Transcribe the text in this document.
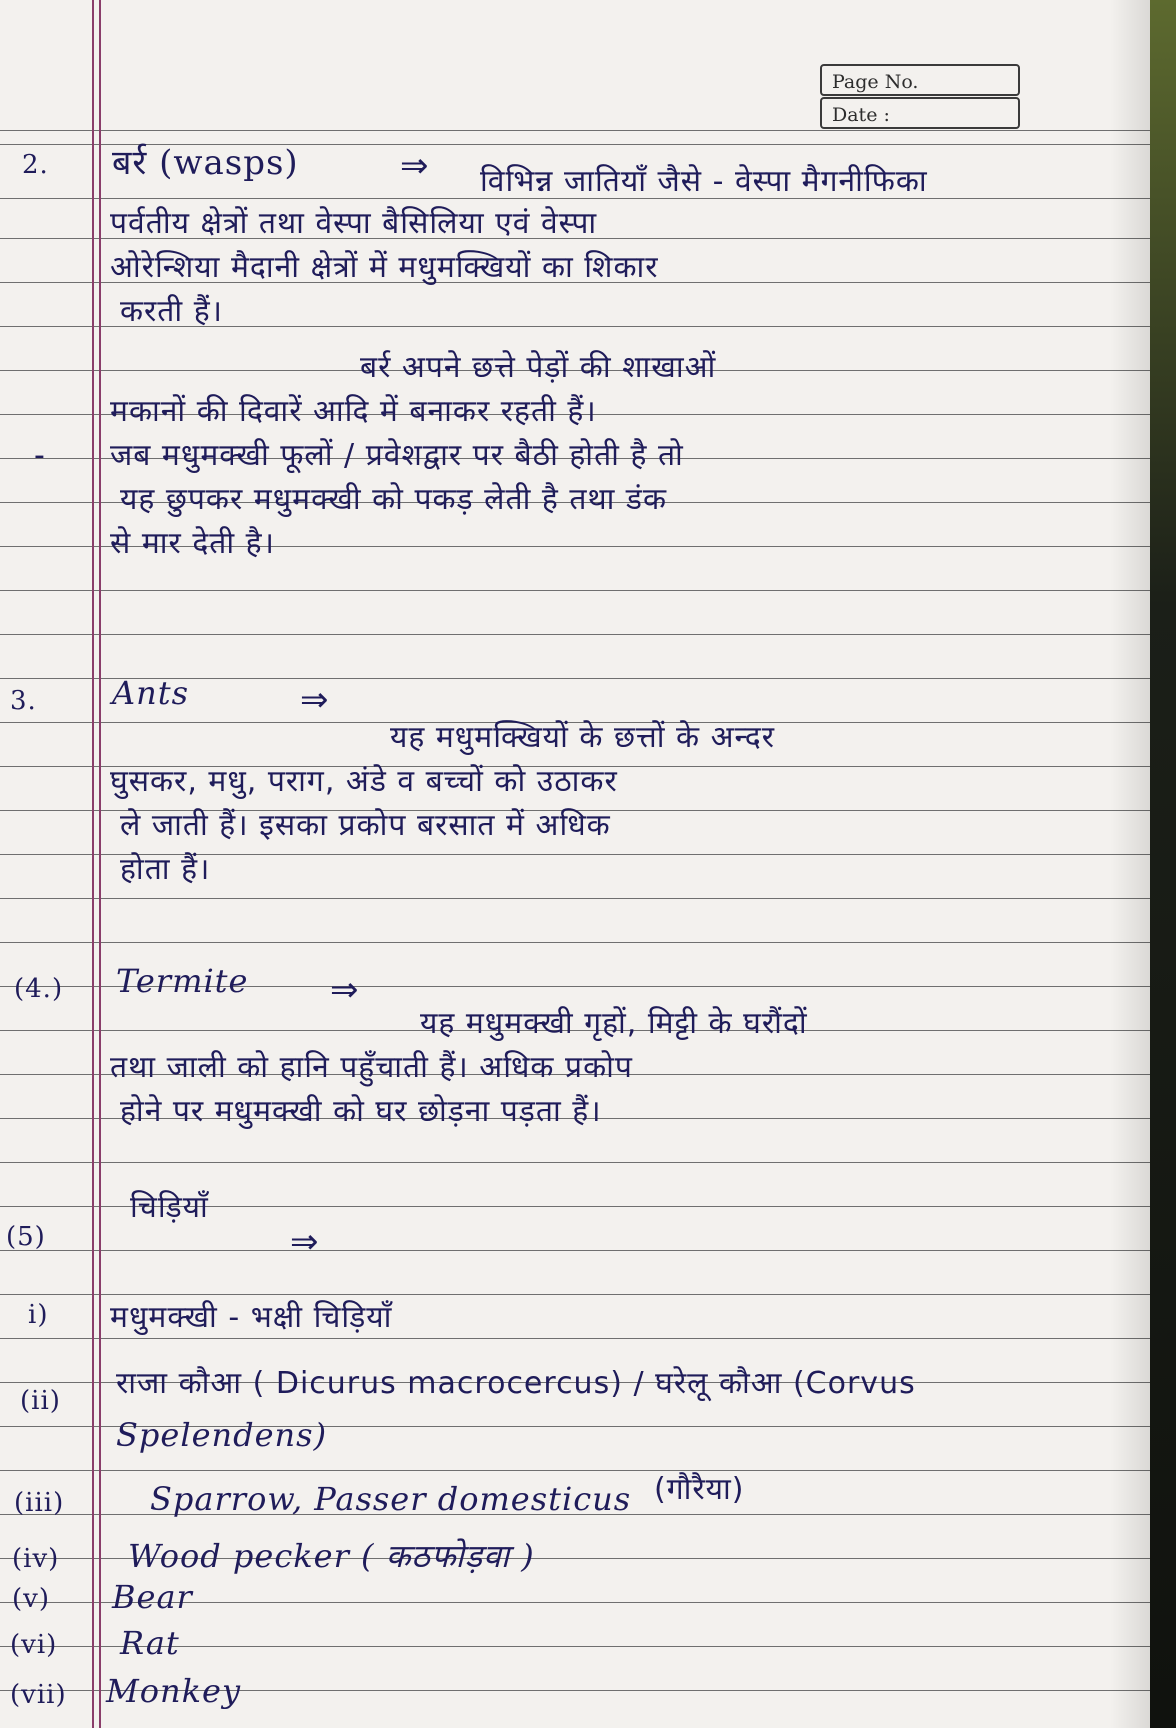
Page No.
Date :
2. बर्र (wasps)	⇒ विभिन्न जातियाँ जैसे - वेस्पा मैगनीफिका
पर्वतीय क्षेत्रों तथा वेस्पा बैसिलिया एवं वेस्पा
ओरेन्शिया मैदानी क्षेत्रों में मधुमक्खियों का शिकार
करती हैं।
बर्र अपने छत्ते पेड़ों की शाखाओं
मकानों की दिवारें आदि में बनाकर रहती हैं।
- जब मधुमक्खी फूलों / प्रवेशद्वार पर बैठी होती है तो
यह छुपकर मधुमक्खी को पकड़ लेती है तथा डंक
से मार देती है।
3. Ants	⇒
यह मधुमक्खियों के छत्तों के अन्दर
घुसकर, मधु, पराग, अंडे व बच्चों को उठाकर
ले जाती हैं। इसका प्रकोप बरसात में अधिक
होता हैं।
(4.) Termite ⇒
यह मधुमक्खी गृहों, मिट्टी के घरौंदों
तथा जाली को हानि पहुँचाती हैं। अधिक प्रकोप
होने पर मधुमक्खी को घर छोड़ना पड़ता हैं।
(5)
चिड़ियाँ
⇒
i) मधुमक्खी - भक्षी चिड़ियाँ
(ii) राजा कौआ ( Dicurus macrocercus) / घरेलू कौआ (Corvus
Spelendens)
(iii)	Sparrow, Passer domesticus (गौरैया)
(iv) Wood pecker ( कठफोड़वा )
(v) Bear
(vi) Rat
(vii) Monkey
